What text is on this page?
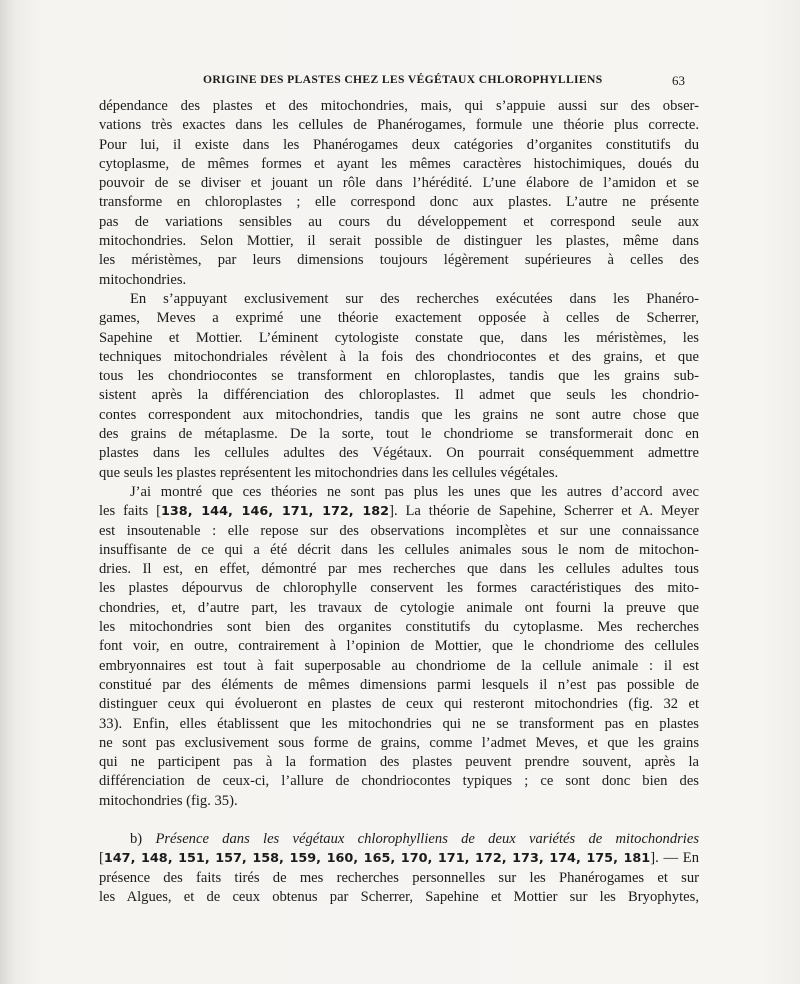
ORIGINE DES PLASTES CHEZ LES VÉGÉTAUX CHLOROPHYLLIENS	63
dépendance des plastes et des mitochondries, mais, qui s’appuie aussi sur des obser-
vations très exactes dans les cellules de Phanérogames, formule une théorie plus correcte.
Pour lui, il existe dans les Phanérogames deux catégories d’organites constitutifs du
cytoplasme, de mêmes formes et ayant les mêmes caractères histochimiques, doués du
pouvoir de se diviser et jouant un rôle dans l’hérédité. L’une élabore de l’amidon et se
transforme en chloroplastes ; elle correspond donc aux plastes. L’autre ne présente
pas de variations sensibles au cours du développement et correspond seule aux
mitochondries. Selon Mottier, il serait possible de distinguer les plastes, même dans
les méristèmes, par leurs dimensions toujours légèrement supérieures à celles des
mitochondries.
En s’appuyant exclusivement sur des recherches exécutées dans les Phanéro-
games, Meves a exprimé une théorie exactement opposée à celles de Scherrer,
Sapehine et Mottier. L’éminent cytologiste constate que, dans les méristèmes, les
techniques mitochondriales révèlent à la fois des chondriocontes et des grains, et que
tous les chondriocontes se transforment en chloroplastes, tandis que les grains sub-
sistent après la différenciation des chloroplastes. Il admet que seuls les chondrio-
contes correspondent aux mitochondries, tandis que les grains ne sont autre chose que
des grains de métaplasme. De la sorte, tout le chondriome se transformerait donc en
plastes dans les cellules adultes des Végétaux. On pourrait conséquemment admettre
que seuls les plastes représentent les mitochondries dans les cellules végétales.
J’ai montré que ces théories ne sont pas plus les unes que les autres d’accord avec
les faits [138, 144, 146, 171, 172, 182]. La théorie de Sapehine, Scherrer et A. Meyer
est insoutenable : elle repose sur des observations incomplètes et sur une connaissance
insuffisante de ce qui a été décrit dans les cellules animales sous le nom de mitochon-
dries. Il est, en effet, démontré par mes recherches que dans les cellules adultes tous
les plastes dépourvus de chlorophylle conservent les formes caractéristiques des mito-
chondries, et, d’autre part, les travaux de cytologie animale ont fourni la preuve que
les mitochondries sont bien des organites constitutifs du cytoplasme. Mes recherches
font voir, en outre, contrairement à l’opinion de Mottier, que le chondriome des cellules
embryonnaires est tout à fait superposable au chondriome de la cellule animale : il est
constitué par des éléments de mêmes dimensions parmi lesquels il n’est pas possible de
distinguer ceux qui évolueront en plastes de ceux qui resteront mitochondries (fig. 32 et
33). Enfin, elles établissent que les mitochondries qui ne se transforment pas en plastes
ne sont pas exclusivement sous forme de grains, comme l’admet Meves, et que les grains
qui ne participent pas à la formation des plastes peuvent prendre souvent, après la
différenciation de ceux-ci, l’allure de chondriocontes typiques ; ce sont donc bien des
mitochondries (fig. 35).
b) Présence dans les végétaux chlorophylliens de deux variétés de mitochondries
[147, 148, 151, 157, 158, 159, 160, 165, 170, 171, 172, 173, 174, 175, 181]. — En
présence des faits tirés de mes recherches personnelles sur les Phanérogames et sur
les Algues, et de ceux obtenus par Scherrer, Sapehine et Mottier sur les Bryophytes,
